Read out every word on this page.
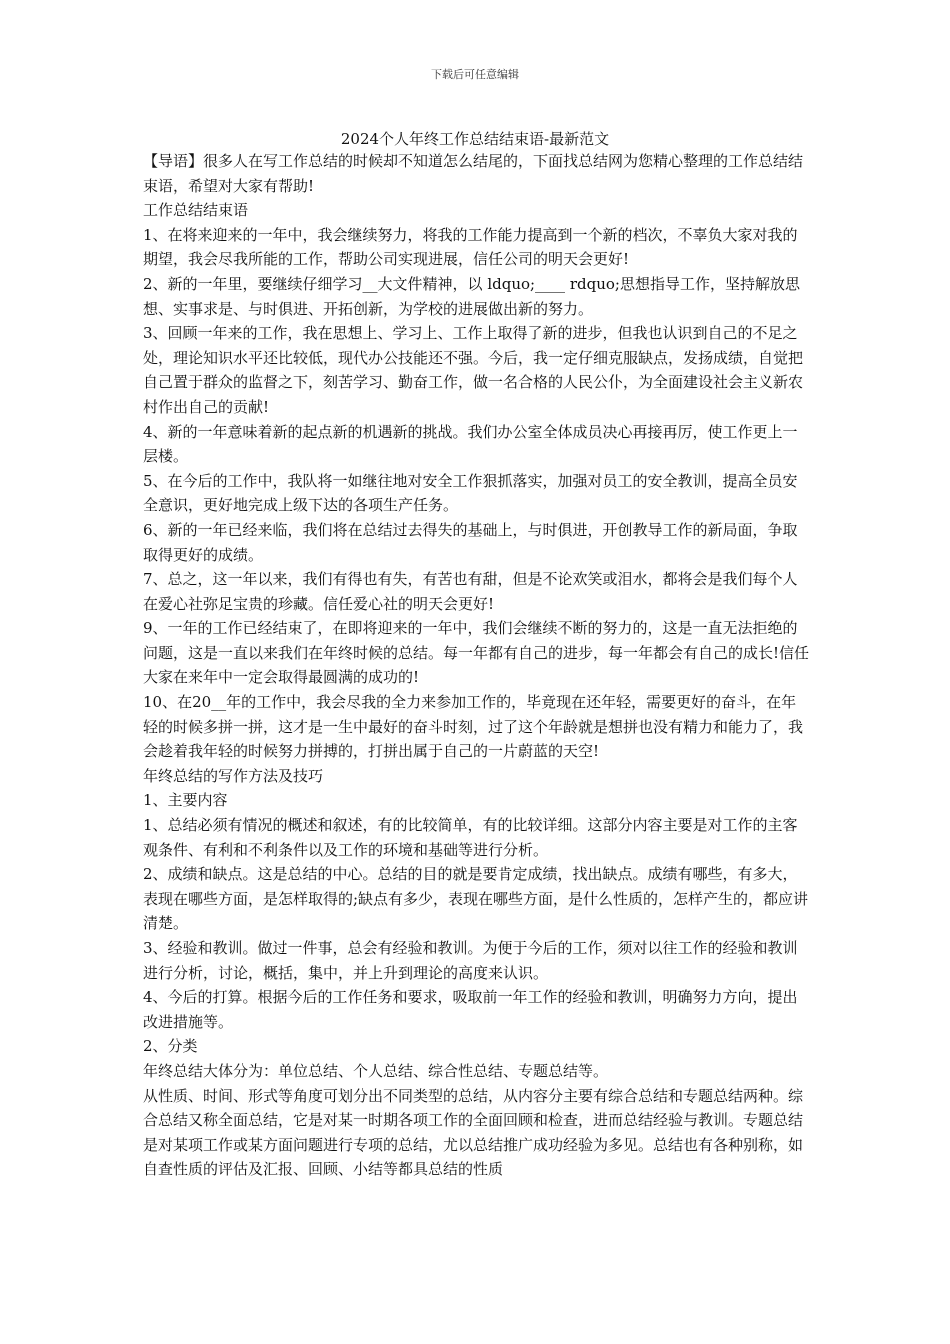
下载后可任意编辑
2024个人年终工作总结结束语-最新范文

【导语】很多人在写工作总结的时候却不知道怎么结尾的，下面找总结网为您精心整理的工作总结结束语，希望对大家有帮助!

工作总结结束语

1、在将来迎来的一年中，我会继续努力，将我的工作能力提高到一个新的档次，不辜负大家对我的期望，我会尽我所能的工作，帮助公司实现进展，信任公司的明天会更好!

2、新的一年里，要继续仔细学习__大文件精神，以 ldquo;____ rdquo;思想指导工作，坚持解放思想、实事求是、与时俱进、开拓创新，为学校的进展做出新的努力。

3、回顾一年来的工作，我在思想上、学习上、工作上取得了新的进步，但我也认识到自己的不足之处，理论知识水平还比较低，现代办公技能还不强。今后，我一定仔细克服缺点，发扬成绩，自觉把自己置于群众的监督之下，刻苦学习、勤奋工作，做一名合格的人民公仆，为全面建设社会主义新农村作出自己的贡献!

4、新的一年意味着新的起点新的机遇新的挑战。我们办公室全体成员决心再接再厉，使工作更上一层楼。

5、在今后的工作中，我队将一如继往地对安全工作狠抓落实，加强对员工的安全教训，提高全员安全意识，更好地完成上级下达的各项生产任务。

6、新的一年已经来临，我们将在总结过去得失的基础上，与时俱进，开创教导工作的新局面，争取取得更好的成绩。

7、总之，这一年以来，我们有得也有失，有苦也有甜，但是不论欢笑或泪水，都将会是我们每个人在爱心社弥足宝贵的珍藏。信任爱心社的明天会更好!

9、一年的工作已经结束了，在即将迎来的一年中，我们会继续不断的努力的，这是一直无法拒绝的问题，这是一直以来我们在年终时候的总结。每一年都有自己的进步，每一年都会有自己的成长!信任大家在来年中一定会取得最圆满的成功的!

10、在20__年的工作中，我会尽我的全力来参加工作的，毕竟现在还年轻，需要更好的奋斗，在年轻的时候多拼一拼，这才是一生中最好的奋斗时刻，过了这个年龄就是想拼也没有精力和能力了，我会趁着我年轻的时候努力拼搏的，打拼出属于自己的一片蔚蓝的天空!

年终总结的写作方法及技巧

1、主要内容

1、总结必须有情况的概述和叙述，有的比较简单，有的比较详细。这部分内容主要是对工作的主客观条件、有利和不利条件以及工作的环境和基础等进行分析。

2、成绩和缺点。这是总结的中心。总结的目的就是要肯定成绩，找出缺点。成绩有哪些，有多大，表现在哪些方面，是怎样取得的;缺点有多少，表现在哪些方面，是什么性质的，怎样产生的，都应讲清楚。

3、经验和教训。做过一件事，总会有经验和教训。为便于今后的工作，须对以往工作的经验和教训进行分析，讨论，概括，集中，并上升到理论的高度来认识。

4、今后的打算。根据今后的工作任务和要求，吸取前一年工作的经验和教训，明确努力方向，提出改进措施等。

2、分类

年终总结大体分为：单位总结、个人总结、综合性总结、专题总结等。

从性质、时间、形式等角度可划分出不同类型的总结，从内容分主要有综合总结和专题总结两种。综合总结又称全面总结，它是对某一时期各项工作的全面回顾和检查，进而总结经验与教训。专题总结是对某项工作或某方面问题进行专项的总结，尤以总结推广成功经验为多见。总结也有各种别称，如自查性质的评估及汇报、回顾、小结等都具总结的性质
